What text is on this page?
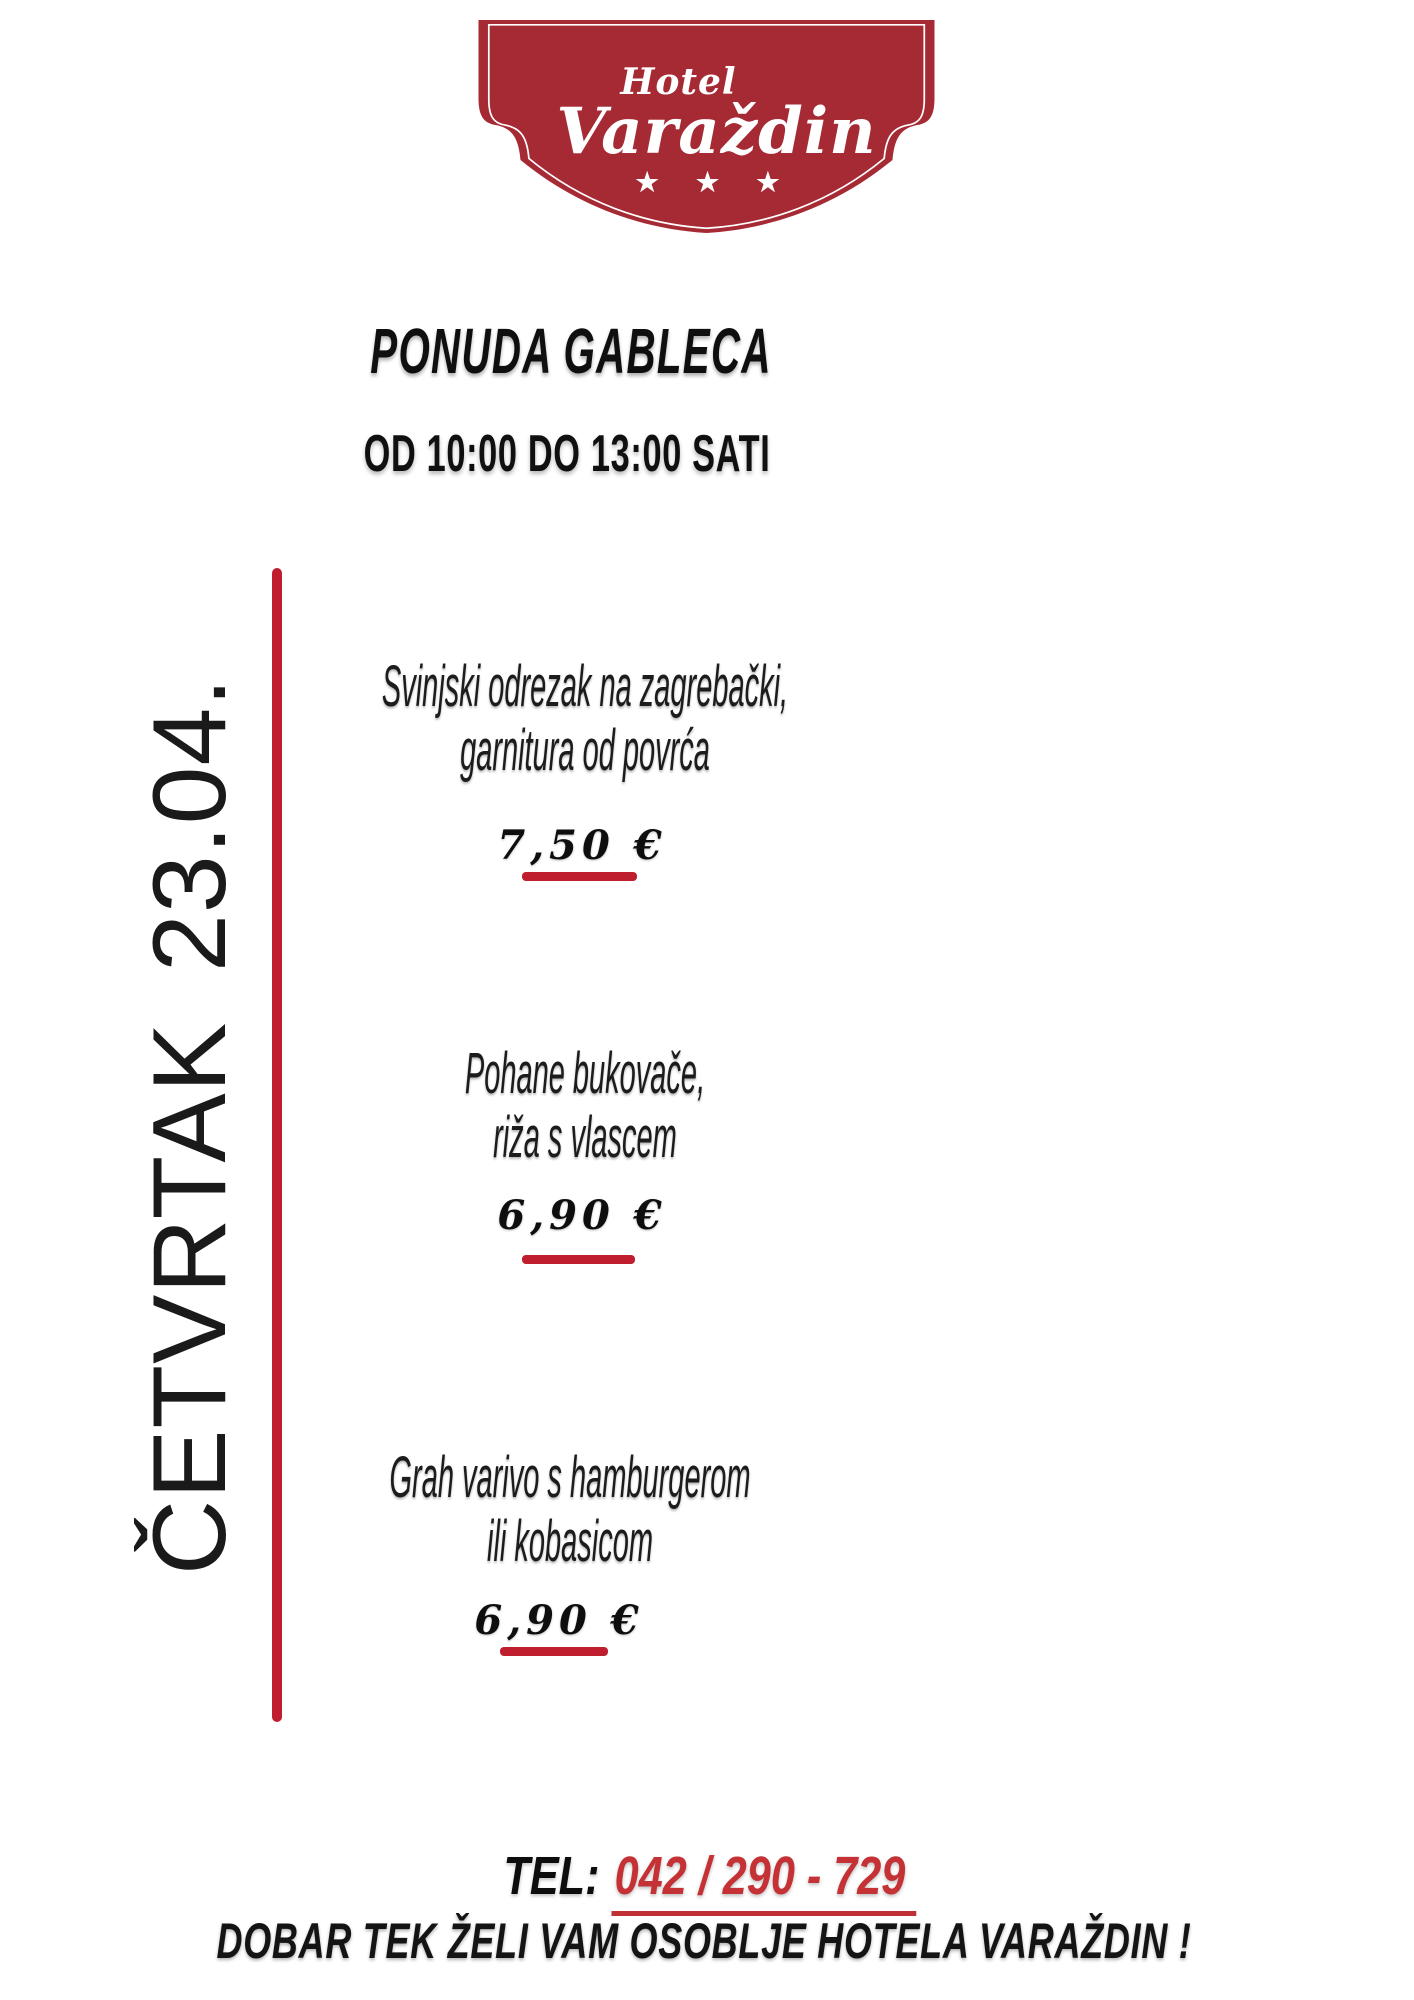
Hotel
Varaždin
★ ★ ★
PONUDA GABLECA
OD 10:00 DO 13:00 SATI
ČETVRTAK 23.04. Svinjski odrezak na zagrebački,
garnitura od povrća
7,50 €
Pohane bukovače,
riža s vlascem
6,90 €
Grah varivo s hamburgerom
ili kobasicom
6,90 €
TEL: 042 / 290 - 729
DOBAR TEK ŽELI VAM OSOBLJE HOTELA VARAŽDIN !
